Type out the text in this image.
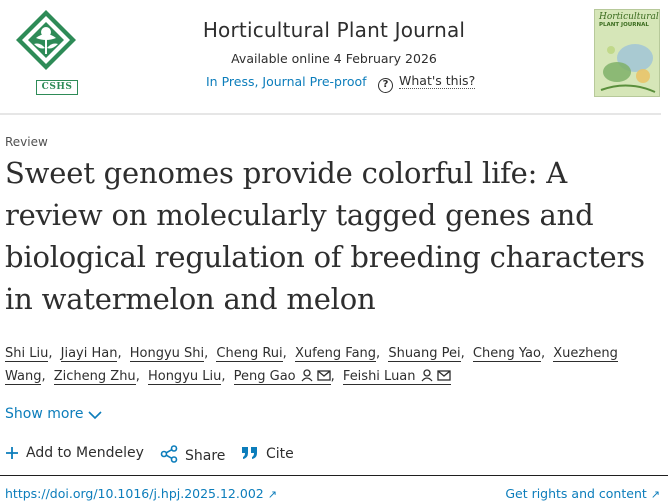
CSHS
Horticultural Plant Journal
Available online 4 February 2026
In Press, Journal Pre-proof	? What's this?
Horticultural
PLANT JOURNAL
Review
Sweet genomes provide colorful life: A review on molecularly tagged genes and biological regulation of breeding characters in watermelon and melon
Shi Liu, Jiayi Han, Hongyu Shi, Cheng Rui, Xufeng Fang, Shuang Pei, Cheng Yao, Xuezheng Wang, Zicheng Zhu, Hongyu Liu, Peng Gao	, Feishi Luan
Show more
Add to Mendeley	Share	Cite
https://doi.org/10.1016/j.hpj.2025.12.002 ↗	Get rights and content ↗
